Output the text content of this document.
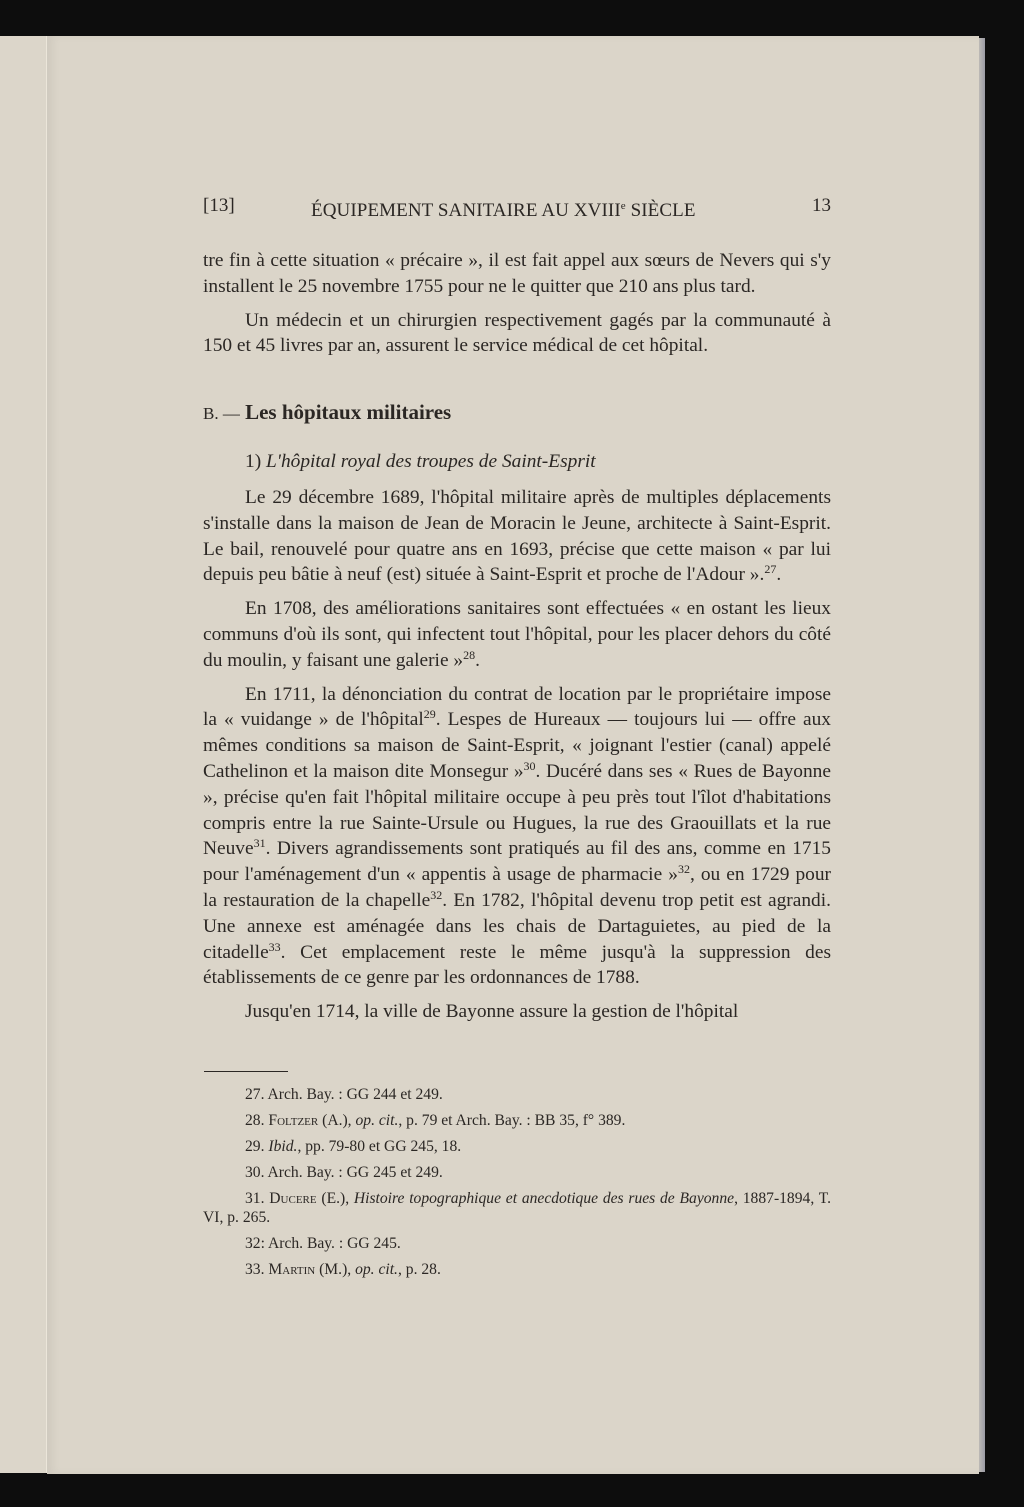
[13]	ÉQUIPEMENT SANITAIRE AU XVIIIe SIÈCLE	13

tre fin à cette situation « précaire », il est fait appel aux sœurs de Nevers qui s'y installent le 25 novembre 1755 pour ne le quitter que 210 ans plus tard.

Un médecin et un chirurgien respectivement gagés par la communauté à 150 et 45 livres par an, assurent le service médical de cet hôpital.

B. — Les hôpitaux militaires
1) L'hôpital royal des troupes de Saint-Esprit

Le 29 décembre 1689, l'hôpital militaire après de multiples déplacements s'installe dans la maison de Jean de Moracin le Jeune, architecte à Saint-Esprit. Le bail, renouvelé pour quatre ans en 1693, précise que cette maison « par lui depuis peu bâtie à neuf (est) située à Saint-Esprit et proche de l'Adour ».$^{27}$.

En 1708, des améliorations sanitaires sont effectuées « en ostant les lieux communs d'où ils sont, qui infectent tout l'hôpital, pour les placer dehors du côté du moulin, y faisant une galerie »$^{28}$.

En 1711, la dénonciation du contrat de location par le propriétaire impose la « vuidange » de l'hôpital$^{29}$. Lespes de Hureaux — toujours lui — offre aux mêmes conditions sa maison de Saint-Esprit, « joignant l'estier (canal) appelé Cathelinon et la maison dite Monsegur »$^{30}$. Ducéré dans ses « Rues de Bayonne », précise qu'en fait l'hôpital militaire occupe à peu près tout l'îlot d'habitations compris entre la rue Sainte-Ursule ou Hugues, la rue des Graouillats et la rue Neuve$^{31}$. Divers agrandissements sont pratiqués au fil des ans, comme en 1715 pour l'aménagement d'un « appentis à usage de pharmacie »$^{32}$, ou en 1729 pour la restauration de la chapelle$^{32}$. En 1782, l'hôpital devenu trop petit est agrandi. Une annexe est aménagée dans les chais de Dartaguietes, au pied de la citadelle$^{33}$. Cet emplacement reste le même jusqu'à la suppression des établissements de ce genre par les ordonnances de 1788.

Jusqu'en 1714, la ville de Bayonne assure la gestion de l'hôpital

27. Arch. Bay. : GG 244 et 249.
28. Foltzer (A.), op. cit., p. 79 et Arch. Bay. : BB 35, f° 389.
29. Ibid., pp. 79-80 et GG 245, 18.
30. Arch. Bay. : GG 245 et 249.
31. Ducere (E.), Histoire topographique et anecdotique des rues de Bayonne, 1887-1894, T. VI, p. 265.
32: Arch. Bay. : GG 245.
33. Martin (M.), op. cit., p. 28.
